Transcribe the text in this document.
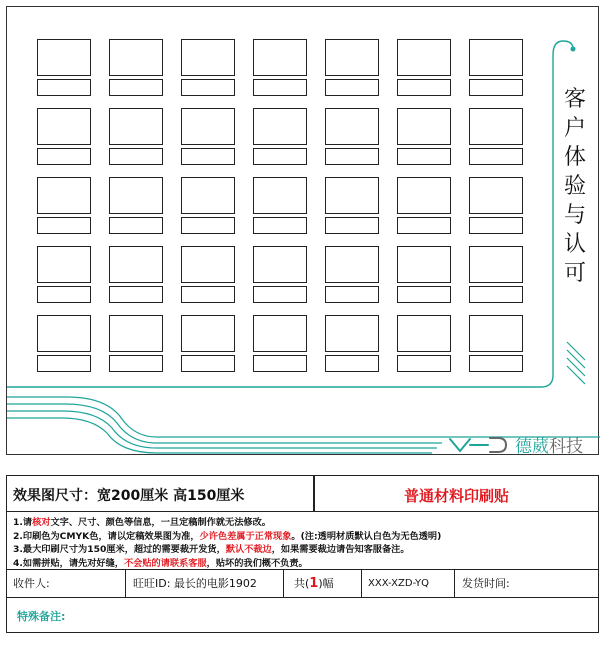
客
户
体
验
与
认
可
德葳科技
效果图尺寸：宽200厘米 高150厘米	普通材料印刷贴
1.请核对文字、尺寸、颜色等信息，一旦定稿制作就无法修改。
2.印刷色为CMYK色，请以定稿效果图为准，少许色差属于正常现象。(注:透明材质默认白色为无色透明)
3.最大印刷尺寸为150厘米，超过的需要裁开发货，默认不裁边，如果需要裁边请告知客服备注。
4.如需拼贴，请先对好缝，不会贴的请联系客服，贴坏的我们概不负责。
收件人:	旺旺ID: 最长的电影1902	共(1)幅	XXX-XZD-YQ	发货时间:
特殊备注:
